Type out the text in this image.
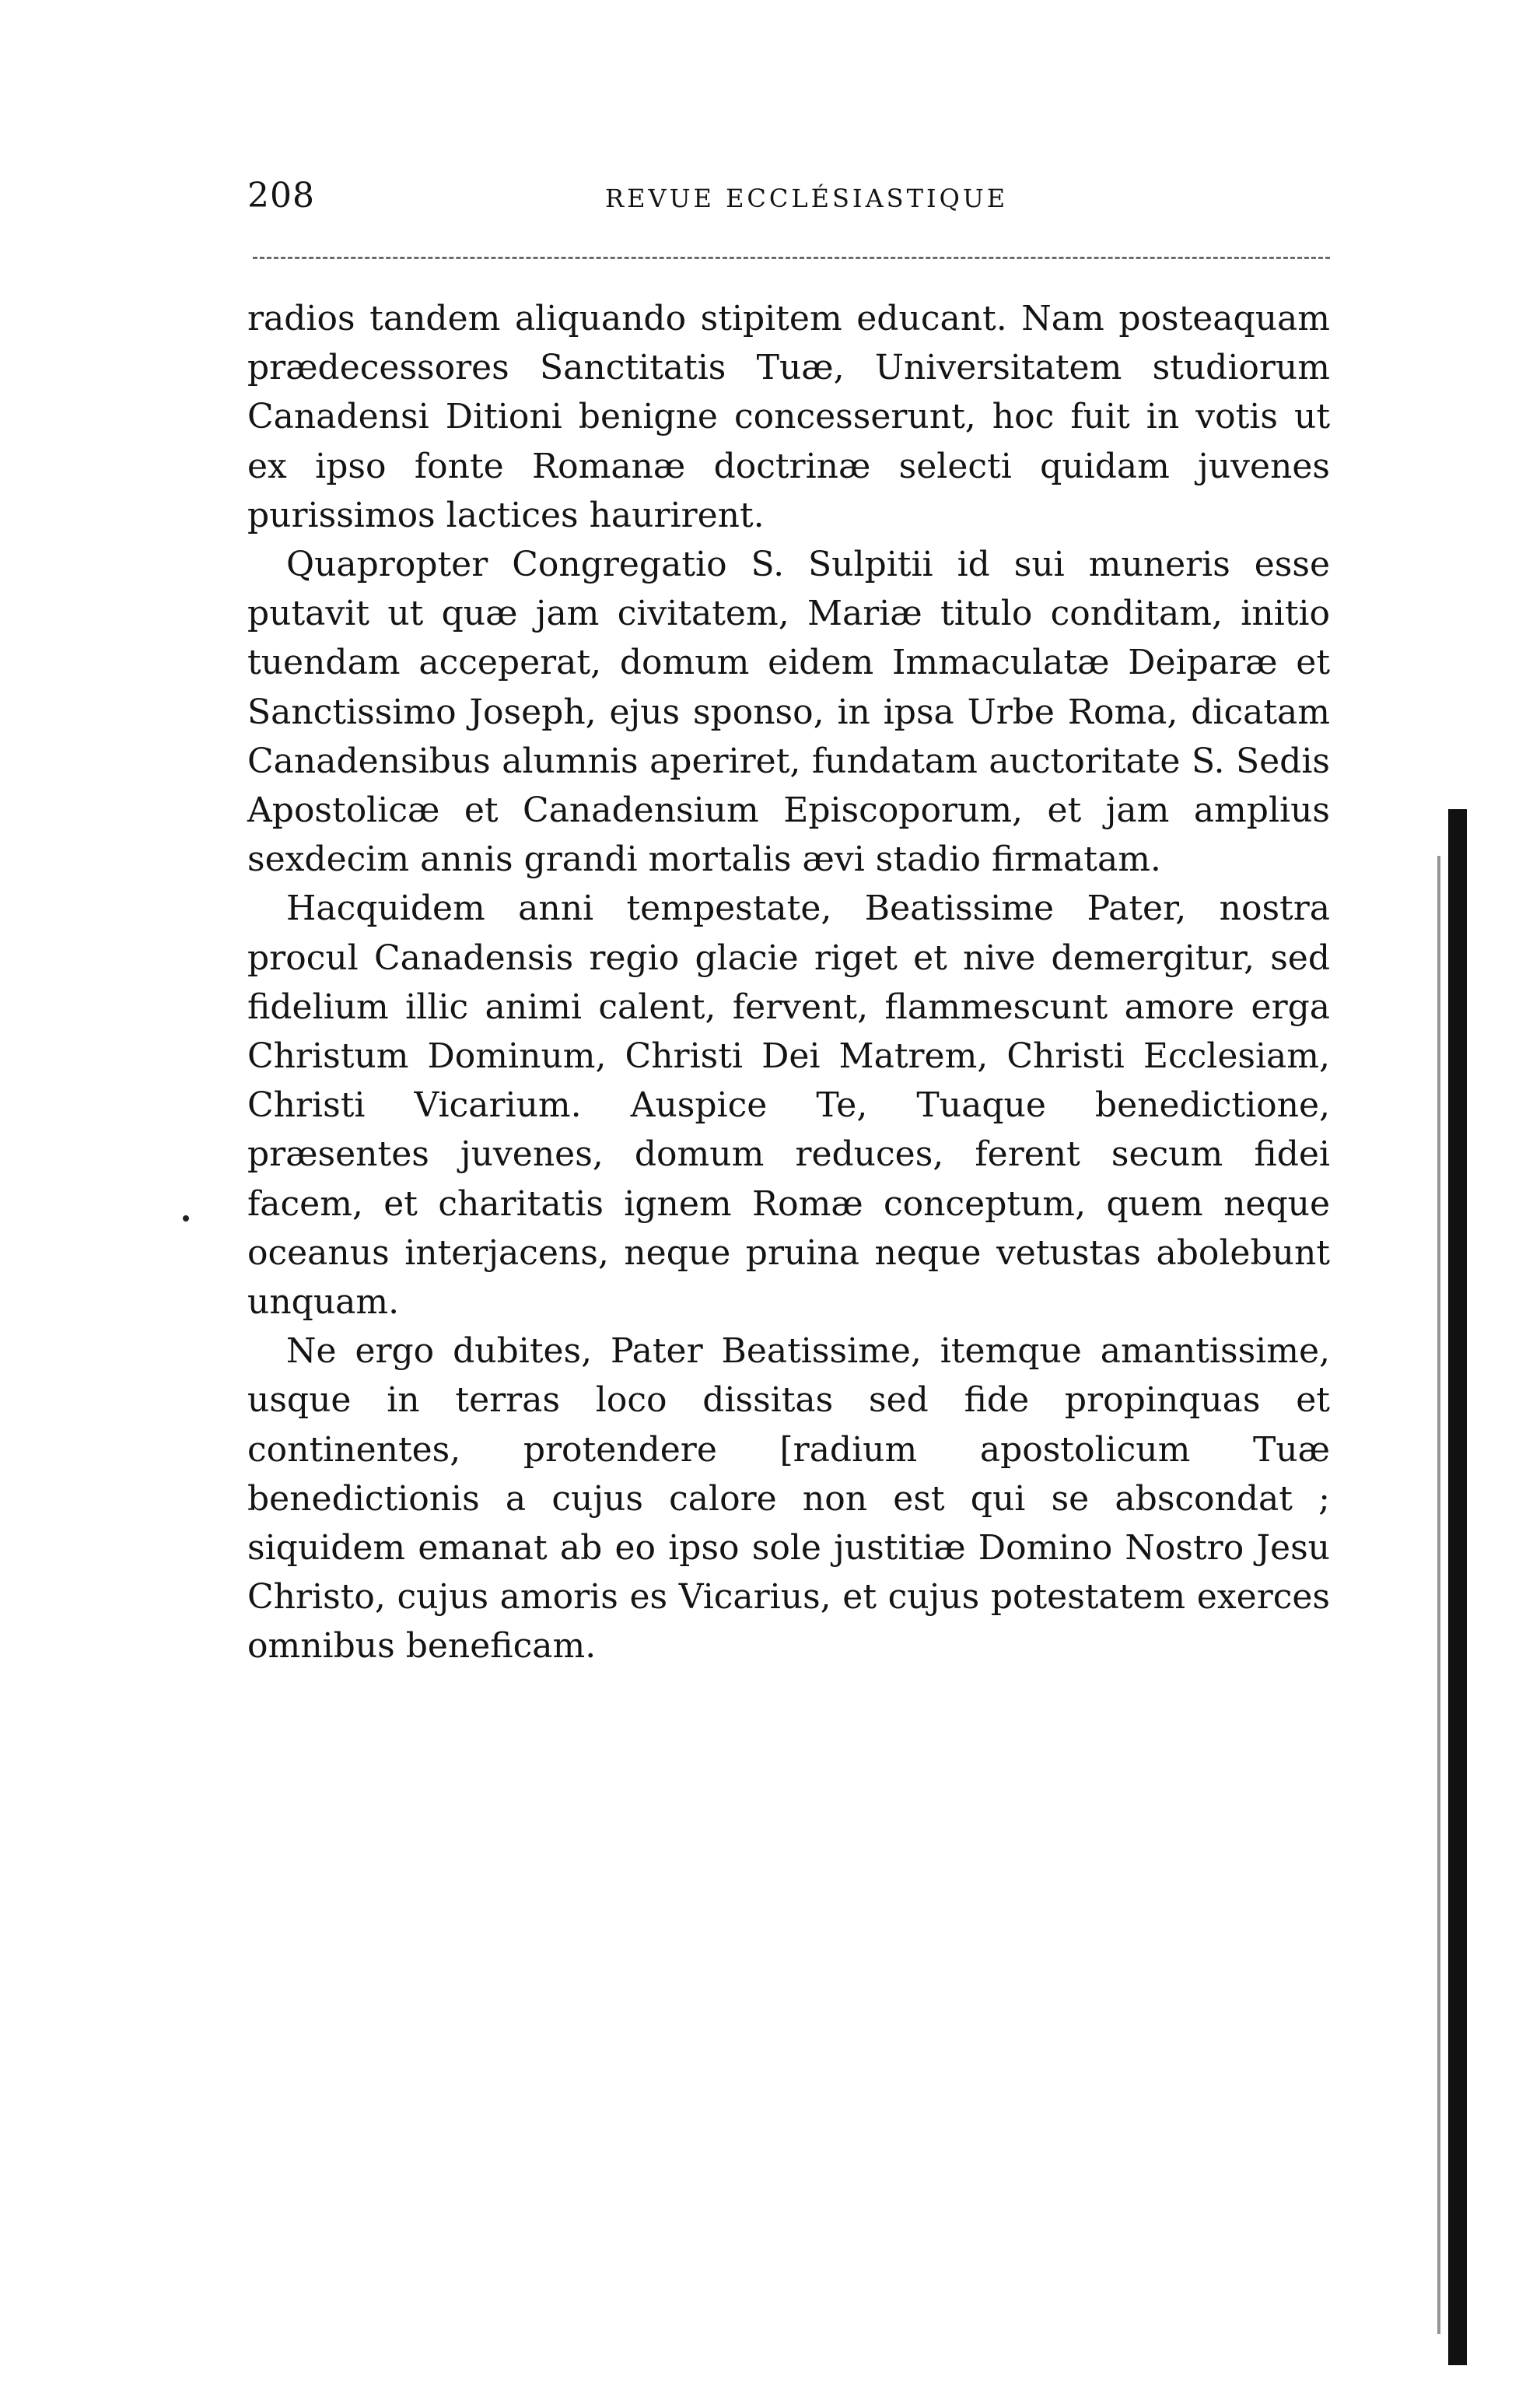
208	REVUE ECCLÉSIASTIQUE

radios tandem aliquando stipitem educant. Nam posteaquam prædecessores Sanctitatis Tuæ, Universitatem studiorum Canadensi Ditioni benigne concesserunt, hoc fuit in votis ut ex ipso fonte Romanæ doctrinæ selecti quidam juvenes purissimos lactices haurirent.

Quapropter Congregatio S. Sulpitii id sui muneris esse putavit ut quæ jam civitatem, Mariæ titulo conditam, initio tuendam acceperat, domum eidem Immaculatæ Deiparæ et Sanctissimo Joseph, ejus sponso, in ipsa Urbe Roma, dicatam Canadensibus alumnis aperiret, fundatam auctoritate S. Sedis Apostolicæ et Canadensium Episcoporum, et jam amplius sexdecim annis grandi mortalis ævi stadio firmatam.

Hacquidem anni tempestate, Beatissime Pater, nostra procul Canadensis regio glacie riget et nive demergitur, sed fidelium illic animi calent, fervent, flammescunt amore erga Christum Dominum, Christi Dei Matrem, Christi Ecclesiam, Christi Vicarium. Auspice Te, Tuaque benedictione, præsentes juvenes, domum reduces, ferent secum fidei facem, et charitatis ignem Romæ conceptum, quem neque oceanus interjacens, neque pruina neque vetustas abolebunt unquam.

Ne ergo dubites, Pater Beatissime, itemque amantissime, usque in terras loco dissitas sed fide propinquas et continentes, protendere [radium apostolicum Tuæ benedictionis a cujus calore non est qui se abscondat ; siquidem emanat ab eo ipso sole justitiæ Domino Nostro Jesu Christo, cujus amoris es Vicarius, et cujus potestatem exerces omnibus beneficam.
